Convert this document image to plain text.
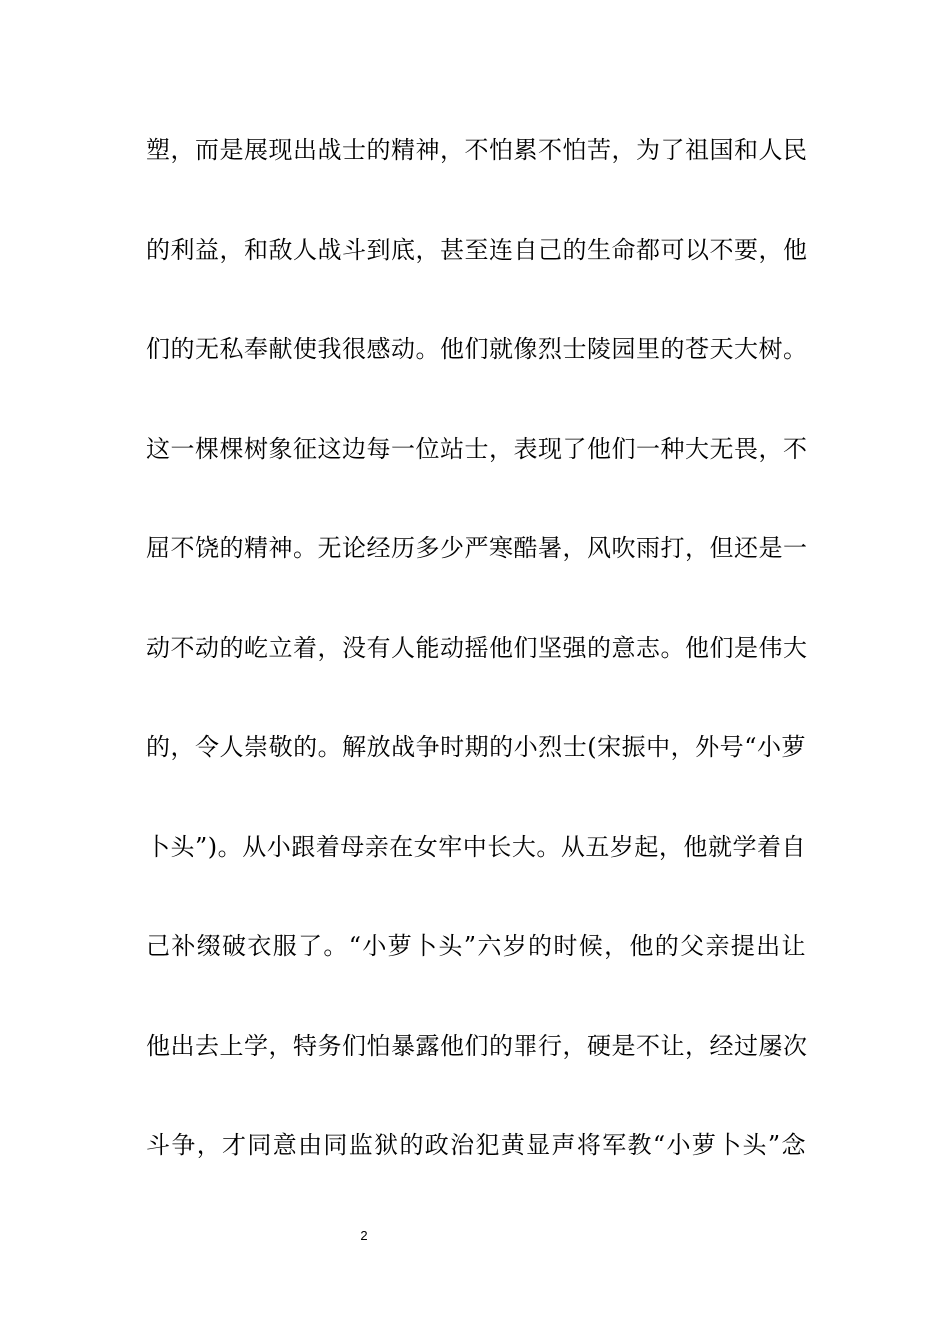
塑，而是展现出战士的精神，不怕累不怕苦，为了祖国和人民
的利益，和敌人战斗到底，甚至连自己的生命都可以不要，他
们的无私奉献使我很感动。他们就像烈士陵园里的苍天大树。
这一棵棵树象征这边每一位站士，表现了他们一种大无畏，不
屈不饶的精神。无论经历多少严寒酷暑，风吹雨打，但还是一
动不动的屹立着，没有人能动摇他们坚强的意志。他们是伟大
的，令人崇敬的。解放战争时期的小烈士(宋振中，外号“小萝
卜头”)。从小跟着母亲在女牢中长大。从五岁起，他就学着自
己补缀破衣服了。“小萝卜头”六岁的时候，他的父亲提出让
他出去上学，特务们怕暴露他们的罪行，硬是不让，经过屡次
斗争，才同意由同监狱的政治犯黄显声将军教“小萝卜头”念
2
